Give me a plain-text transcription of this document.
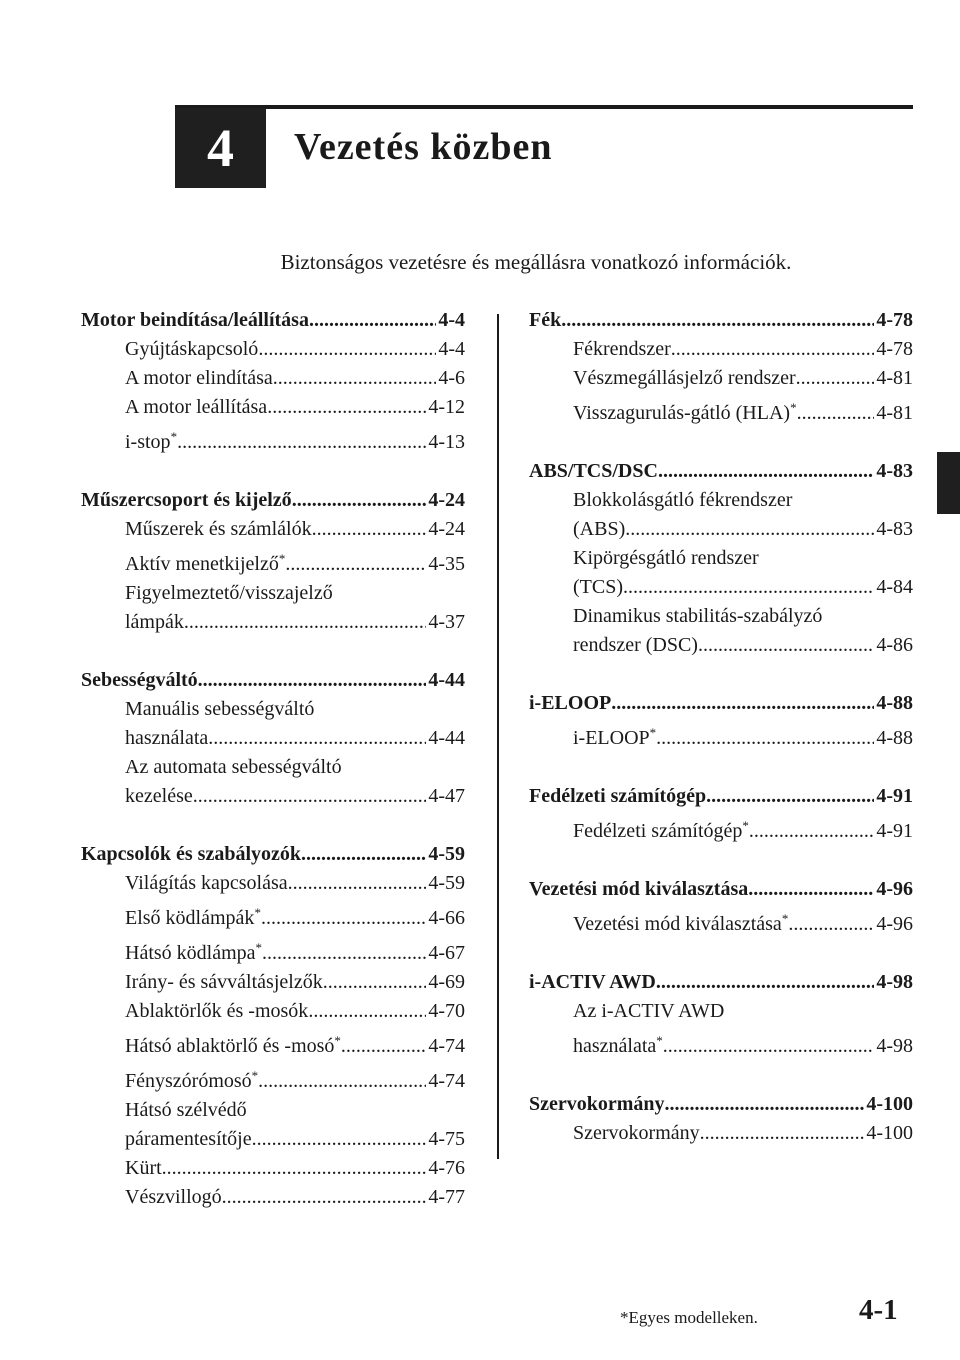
4 Vezetés közben
Biztonságos vezetésre és megállásra vonatkozó információk.
Motor beindítása/leállítása .....	4-4
Gyújtáskapcsoló .....	4-4
A motor elindítása .....	4-6
A motor leállítása .....	4-12
i-stop* .....	4-13
Műszercsoport és kijelző .....	4-24
Műszerek és számlálók .....	4-24
Aktív menetkijelző* .....	4-35
Figyelmeztető/visszajelző
lámpák .....	4-37
Sebességváltó .....	4-44
Manuális sebességváltó
használata .....	4-44
Az automata sebességváltó
kezelése .....	4-47
Kapcsolók és szabályozók .....	4-59
Világítás kapcsolása .....	4-59
Első ködlámpák* .....	4-66
Hátsó ködlámpa* .....	4-67
Irány- és sávváltásjelzők .....	4-69
Ablaktörlők és -mosók .....	4-70
Hátsó ablaktörlő és -mosó* .....	4-74
Fényszórómosó* .....	4-74
Hátsó szélvédő
páramentesítője .....	4-75
Kürt .....	4-76
Vészvillogó .....	4-77
Fék .....	4-78
Fékrendszer .....	4-78
Vészmegállásjelző rendszer .....	4-81
Visszagurulás-gátló (HLA)* .....	4-81
ABS/TCS/DSC .....	4-83
Blokkolásgátló fékrendszer
(ABS) .....	4-83
Kipörgésgátló rendszer
(TCS) .....	4-84
Dinamikus stabilitás-szabályzó
rendszer (DSC) .....	4-86
i-ELOOP .....	4-88
i-ELOOP* .....	4-88
Fedélzeti számítógép .....	4-91
Fedélzeti számítógép* .....	4-91
Vezetési mód kiválasztása .....	4-96
Vezetési mód kiválasztása* .....	4-96
i-ACTIV AWD .....	4-98
Az i-ACTIV AWD
használata* .....	4-98
Szervokormány .....	4-100
Szervokormány .....	4-100
*Egyes modelleken.	4-1
